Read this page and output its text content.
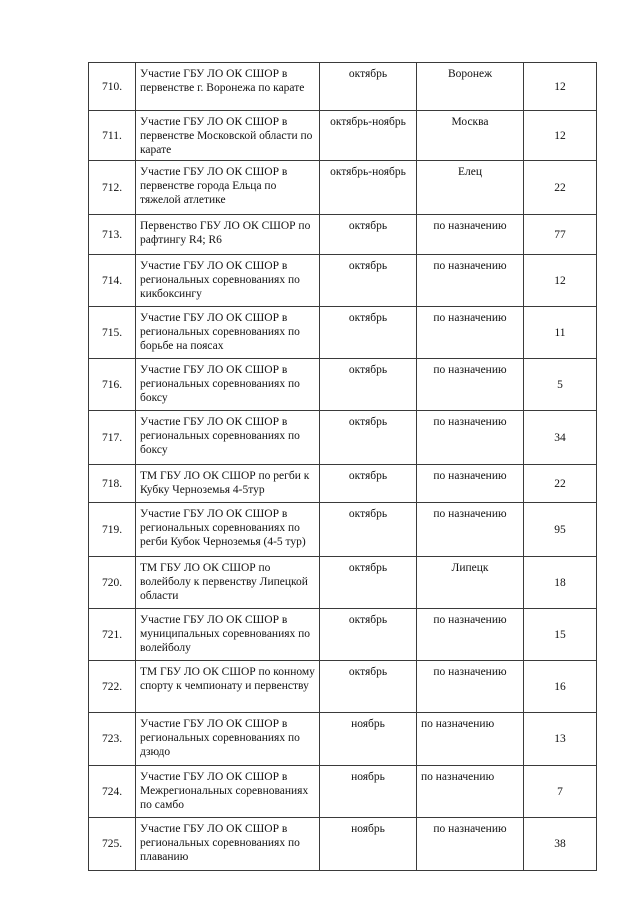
710.	Участие ГБУ ЛО ОК СШОР в первенстве г. Воронежа по карате	октябрь	Воронеж	12
711.	Участие ГБУ ЛО ОК СШОР в первенстве Московской области по карате	октябрь-ноябрь	Москва	12
712.	Участие ГБУ ЛО ОК СШОР в первенстве города Ельца по тяжелой атлетике	октябрь-ноябрь	Елец	22
713.	Первенство ГБУ ЛО ОК СШОР по рафтингу R4; R6	октябрь	по назначению	77
714.	Участие ГБУ ЛО ОК СШОР в региональных соревнованиях по кикбоксингу	октябрь	по назначению	12
715.	Участие ГБУ ЛО ОК СШОР в региональных соревнованиях по борьбе на поясах	октябрь	по назначению	11
716.	Участие ГБУ ЛО ОК СШОР в региональных соревнованиях по боксу	октябрь	по назначению	5
717.	Участие ГБУ ЛО ОК СШОР в региональных соревнованиях по боксу	октябрь	по назначению	34
718.	ТМ ГБУ ЛО ОК СШОР по регби к Кубку Черноземья 4-5тур	октябрь	по назначению	22
719.	Участие ГБУ ЛО ОК СШОР в региональных соревнованиях по регби Кубок Черноземья (4-5 тур)	октябрь	по назначению	95
720.	ТМ ГБУ ЛО ОК СШОР по волейболу к первенству Липецкой области	октябрь	Липецк	18
721.	Участие ГБУ ЛО ОК СШОР в муниципальных соревнованиях по волейболу	октябрь	по назначению	15
722.	ТМ ГБУ ЛО ОК СШОР по конному спорту к чемпионату и первенству	октябрь	по назначению	16
723.	Участие ГБУ ЛО ОК СШОР в региональных соревнованиях по дзюдо	ноябрь	по назначению	13
724.	Участие ГБУ ЛО ОК СШОР в Межрегиональных соревнованиях по самбо	ноябрь	по назначению	7
725.	Участие ГБУ ЛО ОК СШОР в региональных соревнованиях по плаванию	ноябрь	по назначению	38
